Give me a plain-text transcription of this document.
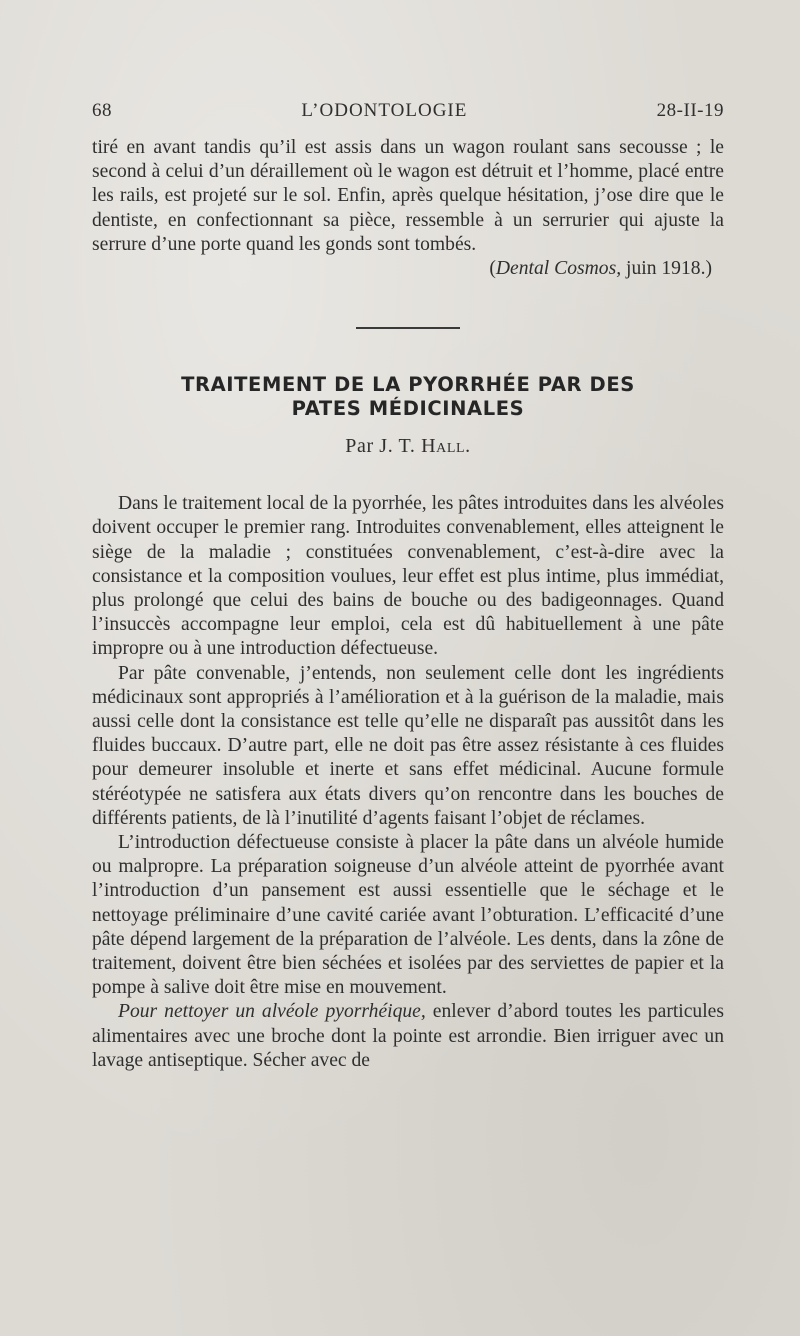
68	L’ODONTOLOGIE	28-II-19

tiré en avant tandis qu’il est assis dans un wagon roulant sans secousse ; le second à celui d’un déraillement où le wagon est détruit et l’homme, placé entre les rails, est projeté sur le sol. Enfin, après quelque hésitation, j’ose dire que le dentiste, en confectionnant sa pièce, ressemble à un serrurier qui ajuste la serrure d’une porte quand les gonds sont tombés.

(Dental Cosmos, juin 1918.)

TRAITEMENT DE LA PYORRHÉE PAR DES
PATES MÉDICINALES
Par J. T. Hall.

Dans le traitement local de la pyorrhée, les pâtes introduites dans les alvéoles doivent occuper le premier rang. Introduites convenablement, elles atteignent le siège de la maladie ; constituées convenablement, c’est-à-dire avec la consistance et la composition voulues, leur effet est plus intime, plus immédiat, plus prolongé que celui des bains de bouche ou des badigeonnages. Quand l’insuccès accompagne leur emploi, cela est dû habituellement à une pâte impropre ou à une introduction défectueuse.

Par pâte convenable, j’entends, non seulement celle dont les ingrédients médicinaux sont appropriés à l’amélioration et à la guérison de la maladie, mais aussi celle dont la consistance est telle qu’elle ne disparaît pas aussitôt dans les fluides buccaux. D’autre part, elle ne doit pas être assez résistante à ces fluides pour demeurer insoluble et inerte et sans effet médicinal. Aucune formule stéréotypée ne satisfera aux états divers qu’on rencontre dans les bouches de différents patients, de là l’inutilité d’agents faisant l’objet de réclames.

L’introduction défectueuse consiste à placer la pâte dans un alvéole humide ou malpropre. La préparation soigneuse d’un alvéole atteint de pyorrhée avant l’introduction d’un pansement est aussi essentielle que le séchage et le nettoyage préliminaire d’une cavité cariée avant l’obturation. L’efficacité d’une pâte dépend largement de la préparation de l’alvéole. Les dents, dans la zône de traitement, doivent être bien séchées et isolées par des serviettes de papier et la pompe à salive doit être mise en mouvement.

Pour nettoyer un alvéole pyorrhéique, enlever d’abord toutes les particules alimentaires avec une broche dont la pointe est arrondie. Bien irriguer avec un lavage antiseptique. Sécher avec de
